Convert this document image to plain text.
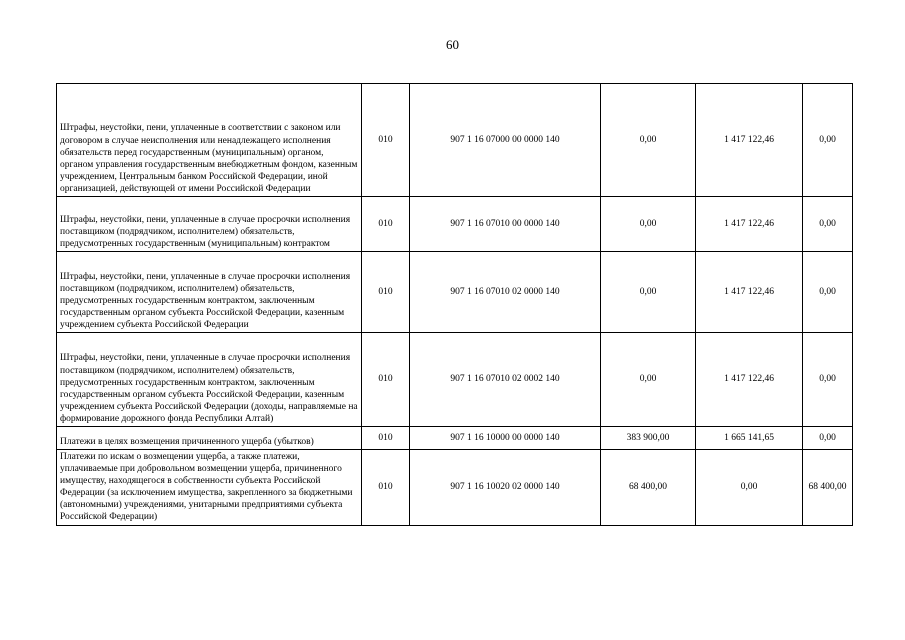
60
Штрафы, неустойки, пени, уплаченные в соответствии с законом или договором в случае неисполнения или ненадлежащего исполнения обязательств перед государственным (муниципальным) органом, органом управления государственным внебюджетным фондом, казенным учреждением, Центральным банком Российской Федерации, иной организацией, действующей от имени Российской Федерации	010	907 1 16 07000 00 0000 140	0,00	1 417 122,46	0,00
Штрафы, неустойки, пени, уплаченные в случае просрочки исполнения поставщиком (подрядчиком, исполнителем) обязательств, предусмотренных государственным (муниципальным) контрактом	010	907 1 16 07010 00 0000 140	0,00	1 417 122,46	0,00
Штрафы, неустойки, пени, уплаченные в случае просрочки исполнения поставщиком (подрядчиком, исполнителем) обязательств, предусмотренных государственным контрактом, заключенным государственным органом субъекта Российской Федерации, казенным учреждением субъекта Российской Федерации	010	907 1 16 07010 02 0000 140	0,00	1 417 122,46	0,00
Штрафы, неустойки, пени, уплаченные в случае просрочки исполнения поставщиком (подрядчиком, исполнителем) обязательств, предусмотренных государственным контрактом, заключенным государственным органом субъекта Российской Федерации, казенным учреждением субъекта Российской Федерации (доходы, направляемые на формирование дорожного фонда Республики Алтай)	010	907 1 16 07010 02 0002 140	0,00	1 417 122,46	0,00
Платежи в целях возмещения причиненного ущерба (убытков)	010	907 1 16 10000 00 0000 140	383 900,00	1 665 141,65	0,00
Платежи по искам о возмещении ущерба, а также платежи, уплачиваемые при добровольном возмещении ущерба, причиненного имуществу, находящегося в собственности субъекта Российской Федерации (за исключением имущества, закрепленного за бюджетными (автономными) учреждениями, унитарными предприятиями субъекта Российской Федерации)	010	907 1 16 10020 02 0000 140	68 400,00	0,00	68 400,00
